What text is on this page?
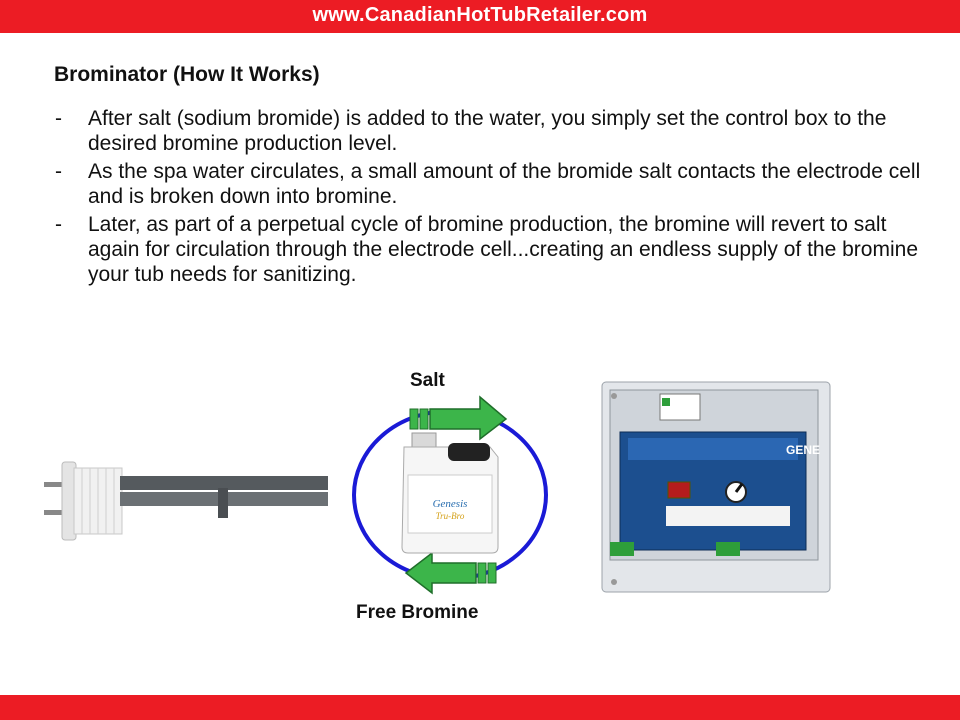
www.CanadianHotTubRetailer.com
Brominator (How It Works)
- After salt (sodium bromide) is added to the water, you simply set the control box to the desired bromine production level.
- As the spa water circulates, a small amount of the bromide salt contacts the electrode cell and is broken down into bromine.
- Later, as part of a perpetual cycle of bromine production, the bromine will revert to salt again for circulation through the electrode cell...creating an endless supply of the bromine your tub needs for sanitizing.
Genesis
Tru-Bro
Salt
Free Bromine
GENE
